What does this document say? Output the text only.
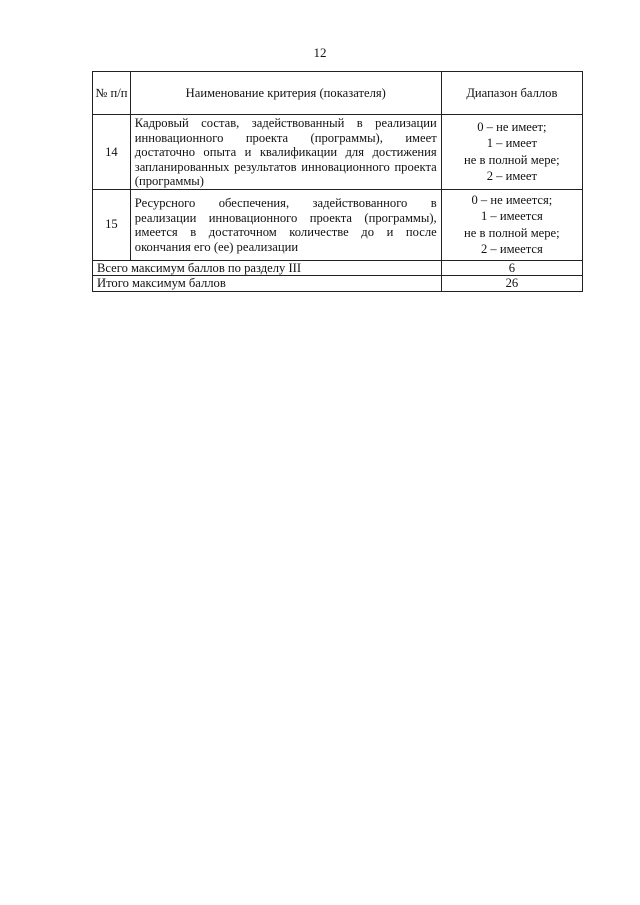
12
№ п/п	Наименование критерия (показателя)	Диапазон баллов
14	Кадровый состав, задействованный в реализации инновационного проекта (программы), имеет достаточно опыта и квалификации для достижения запланированных результатов инновационного проекта (программы)	0 – не имеет;
1 – имеет
не в полной мере;
2 – имеет

15	Ресурсного обеспечения, задействованного в реализации инновационного проекта (программы), имеется в достаточном количестве до и после окончания его (ее) реализации	0 – не имеется;
1 – имеется
не в полной мере;
2 – имеется

Всего максимум баллов по разделу III		6
Итого максимум баллов		26
